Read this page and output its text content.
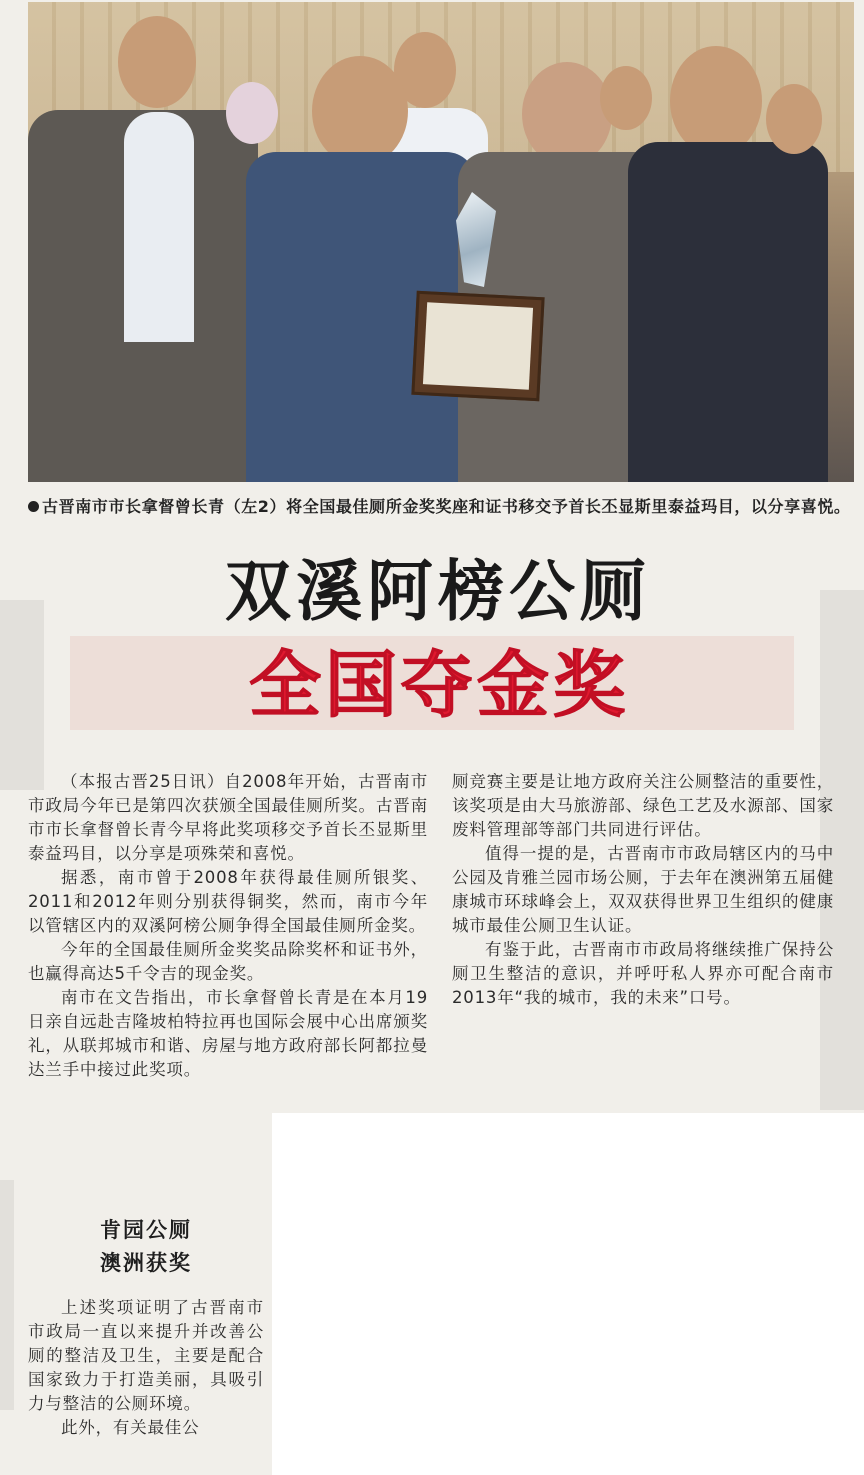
古晋南市市长拿督曾长青（左2）将全国最佳厕所金奖奖座和证书移交予首长丕显斯里泰益玛目，以分享喜悦。
双溪阿榜公厕
全国夺金奖

（本报古晋25日讯）自2008年开始，古晋南市市政局今年已是第四次获颁全国最佳厕所奖。古晋南市市长拿督曾长青今早将此奖项移交予首长丕显斯里泰益玛目，以分享是项殊荣和喜悦。

据悉，南市曾于2008年获得最佳厕所银奖、2011和2012年则分别获得铜奖，然而，南市今年以管辖区内的双溪阿榜公厕争得全国最佳厕所金奖。

今年的全国最佳厕所金奖奖品除奖杯和证书外，也赢得高达5千令吉的现金奖。

南市在文告指出，市长拿督曾长青是在本月19日亲自远赴吉隆坡柏特拉再也国际会展中心出席颁奖礼，从联邦城市和谐、房屋与地方政府部长阿都拉曼达兰手中接过此奖项。

肯园公厕
澳洲获奖

上述奖项证明了古晋南市市政局一直以来提升并改善公厕的整洁及卫生，主要是配合国家致力于打造美丽，具吸引力与整洁的公厕环境。

此外，有关最佳公

厕竞赛主要是让地方政府关注公厕整洁的重要性，该奖项是由大马旅游部、绿色工艺及水源部、国家废料管理部等部门共同进行评估。

值得一提的是，古晋南市市政局辖区内的马中公园及肯雅兰园市场公厕，于去年在澳洲第五届健康城市环球峰会上，双双获得世界卫生组织的健康城市最佳公厕卫生认证。

有鉴于此，古晋南市市政局将继续推广保持公厕卫生整洁的意识，并呼吁私人界亦可配合南市2013年“我的城市，我的未来”口号。
